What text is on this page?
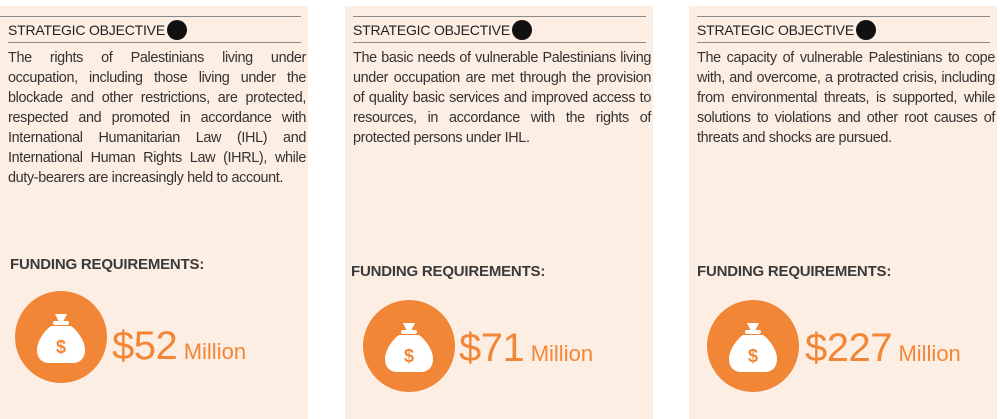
STRATEGIC OBJECTIVE
The rights of Palestinians living under occupation, including those living under the blockade and other restrictions, are protected, respected and promoted in accordance with International Humanitarian Law (IHL) and International Human Rights Law (IHRL), while duty-bearers are increasingly held to account.
FUNDING REQUIREMENTS:
$ $52 Million
STRATEGIC OBJECTIVE
The basic needs of vulnerable Palestinians living under occupation are met through the provision of quality basic services and improved access to resources, in accordance with the rights of protected persons under IHL.
FUNDING REQUIREMENTS:
$ $71 Million
STRATEGIC OBJECTIVE
The capacity of vulnerable Palestinians to cope with, and overcome, a protracted crisis, including from environmental threats, is supported, while solutions to violations and other root causes of threats and shocks are pursued.
FUNDING REQUIREMENTS:
$ $227 Million
